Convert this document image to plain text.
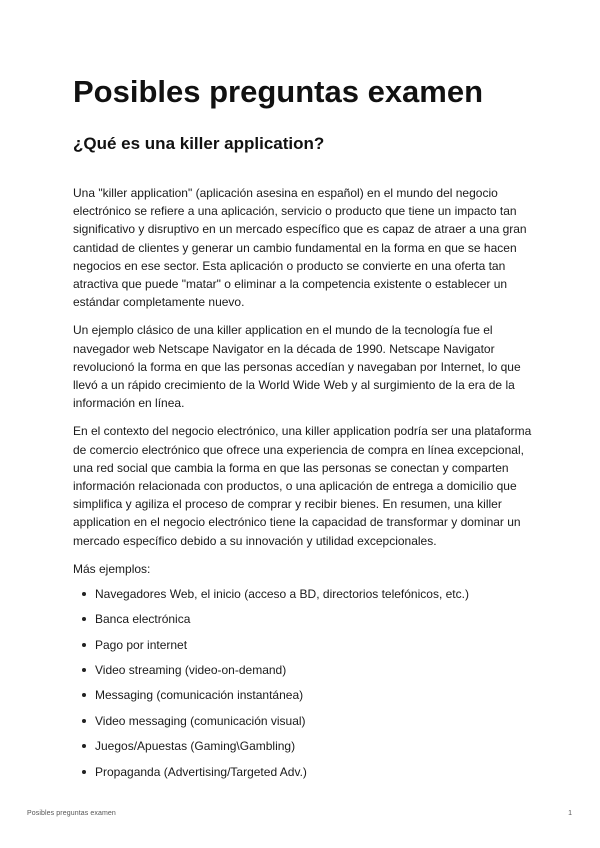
Posibles preguntas examen
¿Qué es una killer application?

Una "killer application" (aplicación asesina en español) en el mundo del negocio electrónico se refiere a una aplicación, servicio o producto que tiene un impacto tan significativo y disruptivo en un mercado específico que es capaz de atraer a una gran cantidad de clientes y generar un cambio fundamental en la forma en que se hacen negocios en ese sector. Esta aplicación o producto se convierte en una oferta tan atractiva que puede "matar" o eliminar a la competencia existente o establecer un estándar completamente nuevo.

Un ejemplo clásico de una killer application en el mundo de la tecnología fue el navegador web Netscape Navigator en la década de 1990. Netscape Navigator revolucionó la forma en que las personas accedían y navegaban por Internet, lo que llevó a un rápido crecimiento de la World Wide Web y al surgimiento de la era de la información en línea.

En el contexto del negocio electrónico, una killer application podría ser una plataforma de comercio electrónico que ofrece una experiencia de compra en línea excepcional, una red social que cambia la forma en que las personas se conectan y comparten información relacionada con productos, o una aplicación de entrega a domicilio que simplifica y agiliza el proceso de comprar y recibir bienes. En resumen, una killer application en el negocio electrónico tiene la capacidad de transformar y dominar un mercado específico debido a su innovación y utilidad excepcionales.

Más ejemplos:

Navegadores Web, el inicio (acceso a BD, directorios telefónicos, etc.)
Banca electrónica
Pago por internet
Video streaming (video-on-demand)
Messaging (comunicación instantánea)
Video messaging (comunicación visual)
Juegos/Apuestas (Gaming\Gambling)
Propaganda (Advertising/Targeted Adv.)
Posibles preguntas examen	1
